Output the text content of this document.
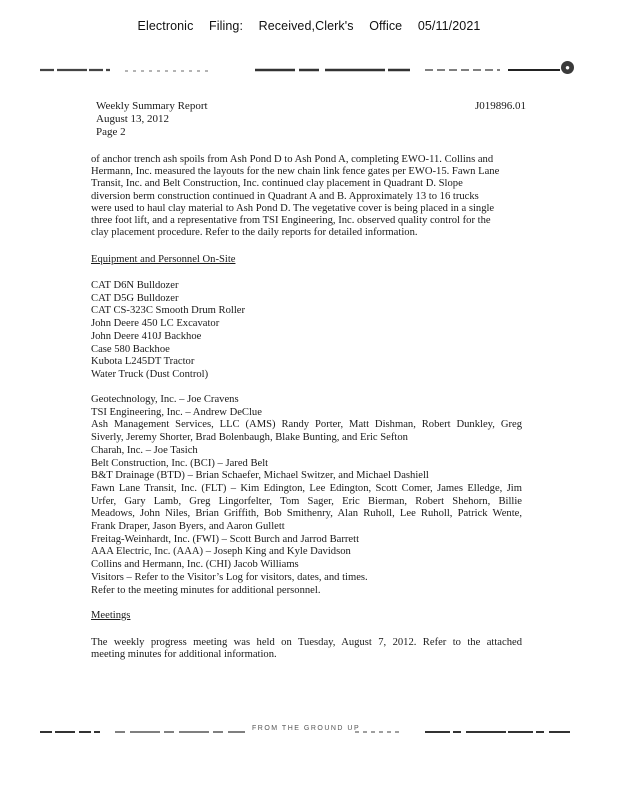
Electronic Filing: Received,Clerk's Office 05/11/2021
●
Weekly Summary Report
August 13, 2012
Page 2
J019896.01
of anchor trench ash spoils from Ash Pond D to Ash Pond A, completing EWO-11. Collins and
Hermann, Inc. measured the layouts for the new chain link fence gates per EWO-15. Fawn Lane
Transit, Inc. and Belt Construction, Inc. continued clay placement in Quadrant D. Slope
diversion berm construction continued in Quadrant A and B. Approximately 13 to 16 trucks
were used to haul clay material to Ash Pond D. The vegetative cover is being placed in a single
three foot lift, and a representative from TSI Engineering, Inc. observed quality control for the
clay placement procedure. Refer to the daily reports for detailed information.
Equipment and Personnel On-Site
CAT D6N Bulldozer
CAT D5G Bulldozer
CAT CS-323C Smooth Drum Roller
John Deere 450 LC Excavator
John Deere 410J Backhoe
Case 580 Backhoe
Kubota L245DT Tractor
Water Truck (Dust Control)
Geotechnology, Inc. – Joe Cravens
TSI Engineering, Inc. – Andrew DeClue
Ash Management Services, LLC (AMS) Randy Porter, Matt Dishman, Robert Dunkley, Greg
Siverly, Jeremy Shorter, Brad Bolenbaugh, Blake Bunting, and Eric Sefton
Charah, Inc. – Joe Tasich
Belt Construction, Inc. (BCI) – Jared Belt
B&T Drainage (BTD) – Brian Schaefer, Michael Switzer, and Michael Dashiell
Fawn Lane Transit, Inc. (FLT) – Kim Edington, Lee Edington, Scott Comer, James Elledge, Jim
Urfer, Gary Lamb, Greg Lingorfelter, Tom Sager, Eric Bierman, Robert Shehorn, Billie
Meadows, John Niles, Brian Griffith, Bob Smithenry, Alan Ruholl, Lee Ruholl, Patrick Wente,
Frank Draper, Jason Byers, and Aaron Gullett
Freitag-Weinhardt, Inc. (FWI) – Scott Burch and Jarrod Barrett
AAA Electric, Inc. (AAA) – Joseph King and Kyle Davidson
Collins and Hermann, Inc. (CHI) Jacob Williams
Visitors – Refer to the Visitor’s Log for visitors, dates, and times.
Refer to the meeting minutes for additional personnel.
Meetings
The weekly progress meeting was held on Tuesday, August 7, 2012. Refer to the attached
meeting minutes for additional information.
FROM THE GROUND UP
